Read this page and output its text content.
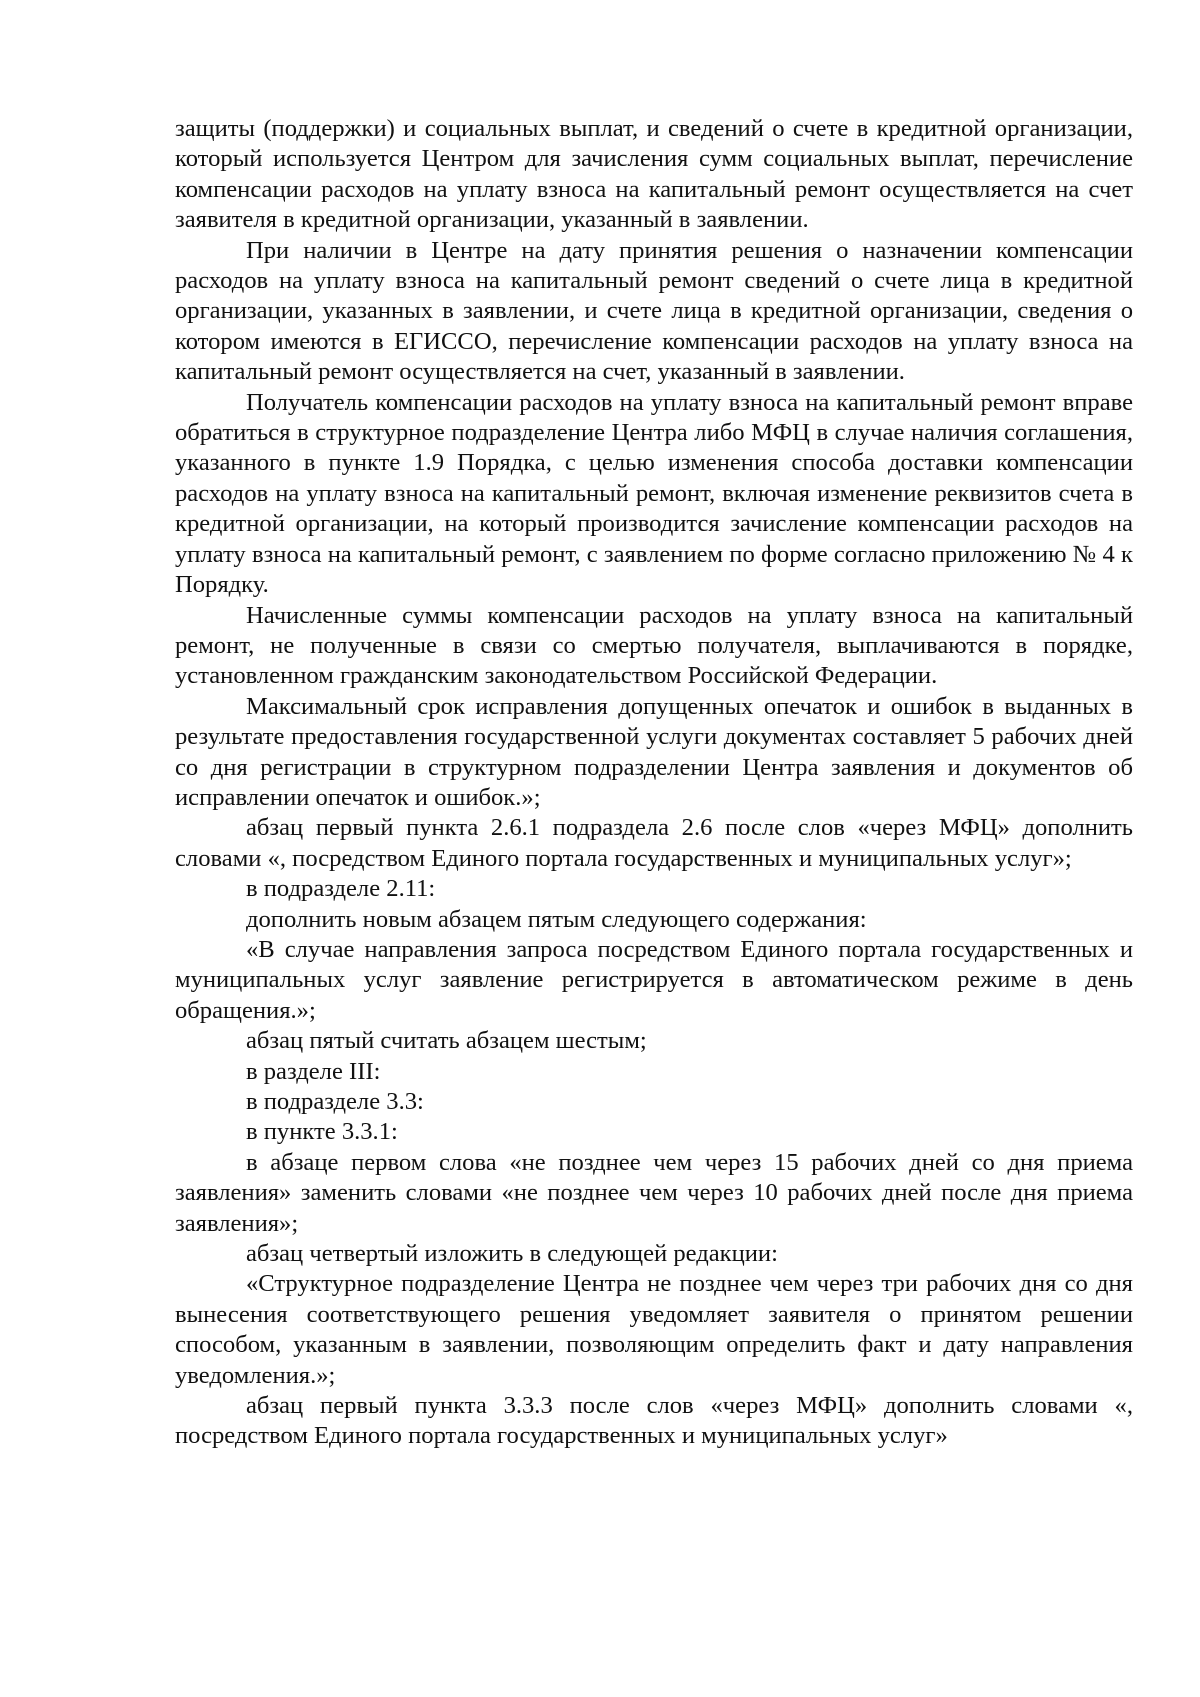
защиты (поддержки) и социальных выплат, и сведений о счете в кредитной организации, который используется Центром для зачисления сумм социальных выплат, перечисление компенсации расходов на уплату взноса на капитальный ремонт осуществляется на счет заявителя в кредитной организации, указанный в заявлении.

При наличии в Центре на дату принятия решения о назначении компенсации расходов на уплату взноса на капитальный ремонт сведений о счете лица в кредитной организации, указанных в заявлении, и счете лица в кредитной организации, сведения о котором имеются в ЕГИССО, перечисление компенсации расходов на уплату взноса на капитальный ремонт осуществляется на счет, указанный в заявлении.

Получатель компенсации расходов на уплату взноса на капитальный ремонт вправе обратиться в структурное подразделение Центра либо МФЦ в случае наличия соглашения, указанного в пункте 1.9 Порядка, с целью изменения способа доставки компенсации расходов на уплату взноса на капитальный ремонт, включая изменение реквизитов счета в кредитной организации, на который производится зачисление компенсации расходов на уплату взноса на капитальный ремонт, с заявлением по форме согласно приложению № 4 к Порядку.

Начисленные суммы компенсации расходов на уплату взноса на капитальный ремонт, не полученные в связи со смертью получателя, выплачиваются в порядке, установленном гражданским законодательством Российской Федерации.

Максимальный срок исправления допущенных опечаток и ошибок в выданных в результате предоставления государственной услуги документах составляет 5 рабочих дней со дня регистрации в структурном подразделении Центра заявления и документов об исправлении опечаток и ошибок.»;

абзац первый пункта 2.6.1 подраздела 2.6 после слов «через МФЦ» дополнить словами «, посредством Единого портала государственных и муниципальных услуг»;

в подразделе 2.11:

дополнить новым абзацем пятым следующего содержания:

«В случае направления запроса посредством Единого портала государственных и муниципальных услуг заявление регистрируется в автоматическом режиме в день обращения.»;

абзац пятый считать абзацем шестым;

в разделе III:

в подразделе 3.3:

в пункте 3.3.1:

в абзаце первом слова «не позднее чем через 15 рабочих дней со дня приема заявления» заменить словами «не позднее чем через 10 рабочих дней после дня приема заявления»;

абзац четвертый изложить в следующей редакции:

«Структурное подразделение Центра не позднее чем через три рабочих дня со дня вынесения соответствующего решения уведомляет заявителя о принятом решении способом, указанным в заявлении, позволяющим определить факт и дату направления уведомления.»;

абзац первый пункта 3.3.3 после слов «через МФЦ» дополнить словами «, посредством Единого портала государственных и муниципальных услуг»
